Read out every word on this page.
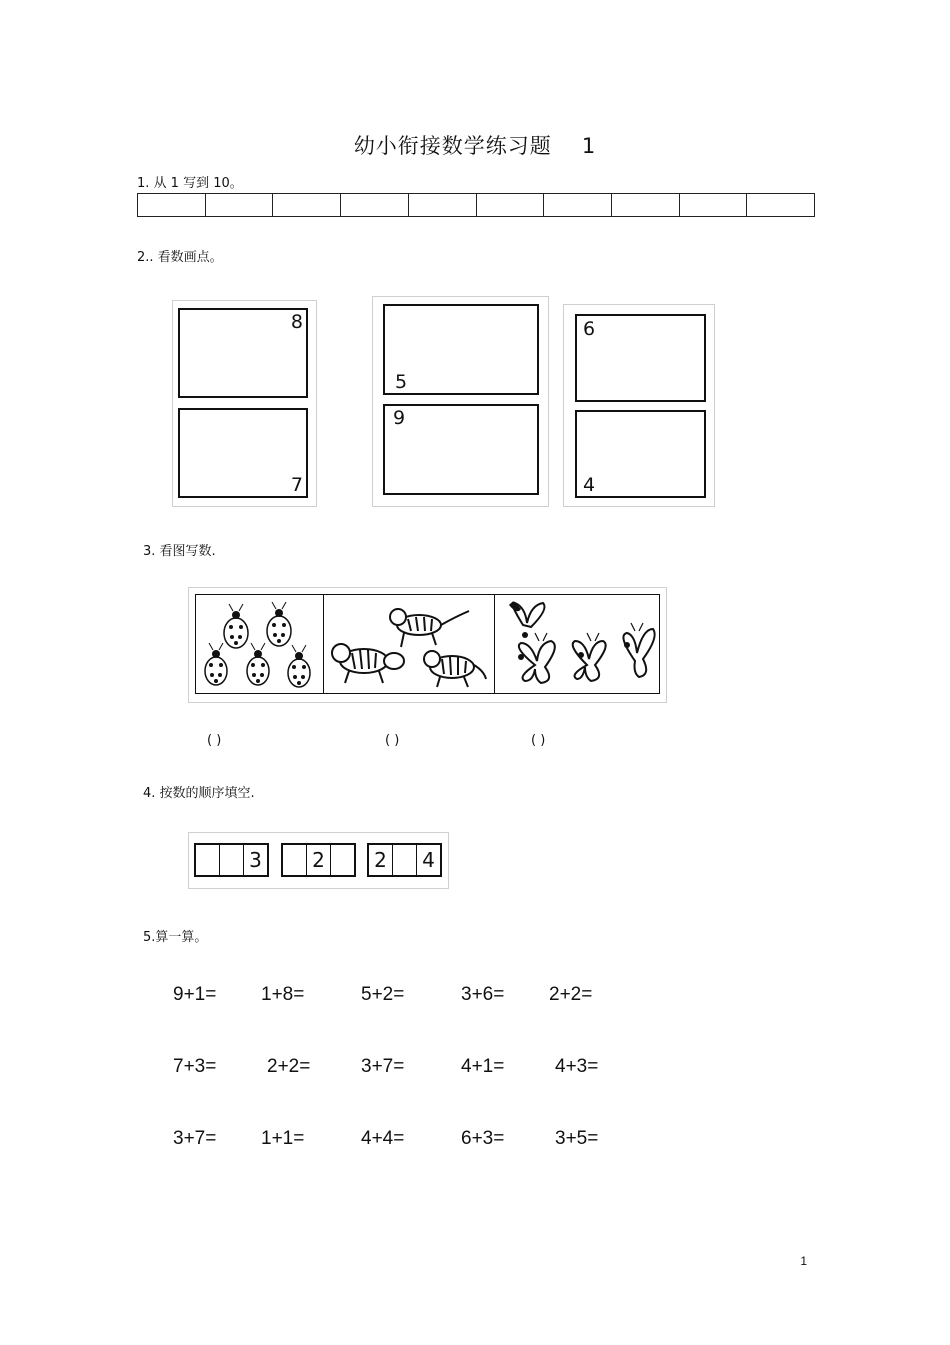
幼小衔接数学练习题 1
1. 从 1 写到 10。
2.. 看数画点。
8
7
5
9
6
4
3. 看图写数.
( )	( )	( )
4. 按数的顺序填空.
3	2	2	4
5.算一算。
9+1= 1+8=	5+2=	3+6= 2+2=
7+3=	2+2=	3+7=	4+1=	4+3=
3+7= 1+1=	4+4=	6+3=	3+5=
1
